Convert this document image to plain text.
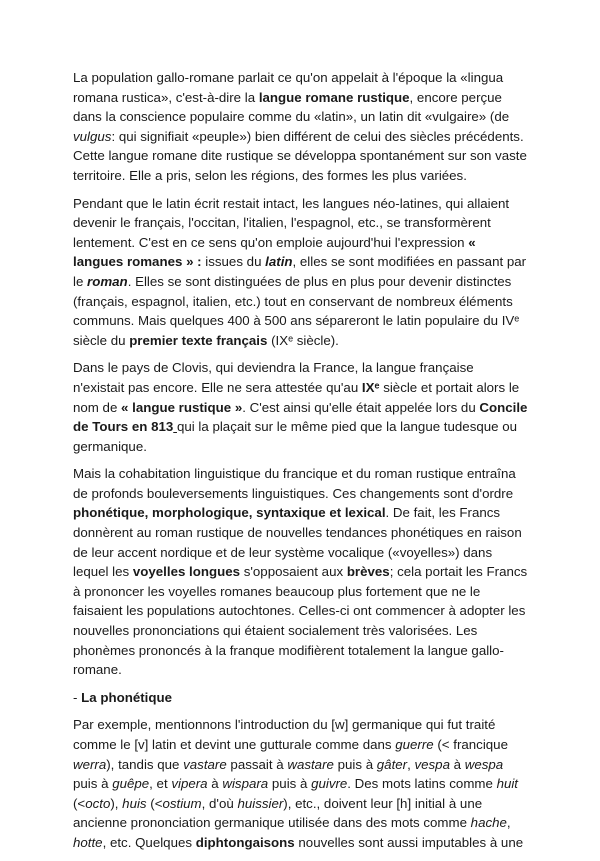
La population gallo-romane parlait ce qu'on appelait à l'époque la «lingua romana rustica», c'est-à-dire la langue romane rustique, encore perçue dans la conscience populaire comme du «latin», un latin dit «vulgaire» (de vulgus: qui signifiait «peuple») bien différent de celui des siècles précédents. Cette langue romane dite rustique se développa spontanément sur son vaste territoire. Elle a pris, selon les régions, des formes les plus variées.

Pendant que le latin écrit restait intact, les langues néo-latines, qui allaient devenir le français, l'occitan, l'italien, l'espagnol, etc., se transformèrent lentement. C'est en ce sens qu'on emploie aujourd'hui l'expression « langues romanes » : issues du latin, elles se sont modifiées en passant par le roman. Elles se sont distinguées de plus en plus pour devenir distinctes (français, espagnol, italien, etc.) tout en conservant de nombreux éléments communs. Mais quelques 400 à 500 ans sépareront le latin populaire du IVᵉ siècle du premier texte français (IXᵉ siècle).

Dans le pays de Clovis, qui deviendra la France, la langue française n'existait pas encore. Elle ne sera attestée qu'au IXᵉ siècle et portait alors le nom de « langue rustique ». C'est ainsi qu'elle était appelée lors du Concile de Tours en 813 qui la plaçait sur le même pied que la langue tudesque ou germanique.

Mais la cohabitation linguistique du francique et du roman rustique entraîna de profonds bouleversements linguistiques. Ces changements sont d'ordre phonétique, morphologique, syntaxique et lexical. De fait, les Francs donnèrent au roman rustique de nouvelles tendances phonétiques en raison de leur accent nordique et de leur système vocalique («voyelles») dans lequel les voyelles longues s'opposaient aux brèves; cela portait les Francs à prononcer les voyelles romanes beaucoup plus fortement que ne le faisaient les populations autochtones. Celles-ci ont commencer à adopter les nouvelles prononciations qui étaient socialement très valorisées. Les phonèmes prononcés à la franque modifièrent totalement la langue gallo-romane.

- La phonétique

Par exemple, mentionnons l'introduction du [w] germanique qui fut traité comme le [v] latin et devint une gutturale comme dans guerre (< francique werra), tandis que vastare passait à wastare puis à gâter, vespa à wespa puis à guêpe, et vipera à wispara puis à guivre. Des mots latins comme huit (<octo), huis (<ostium, d'où huissier), etc., doivent leur [h] initial à une ancienne prononciation germanique utilisée dans des mots comme hache, hotte, etc. Quelques diphtongaisons nouvelles sont aussi imputables à une
